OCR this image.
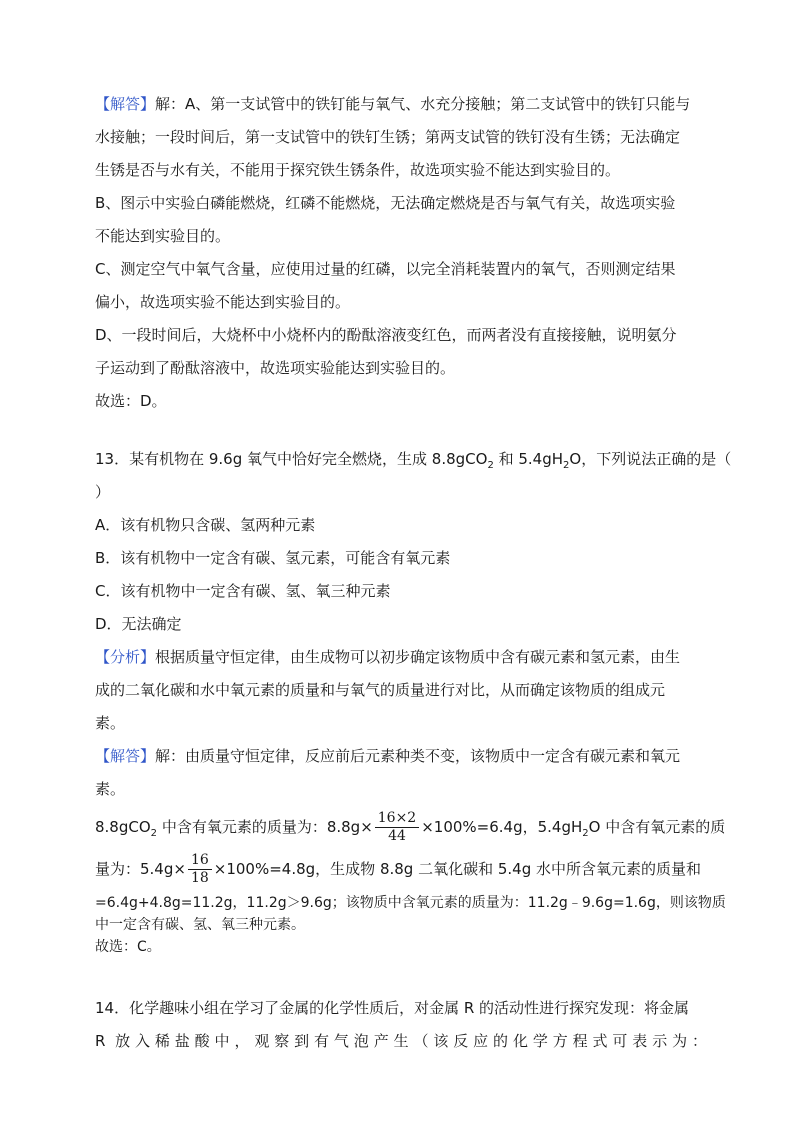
【解答】解：A、第一支试管中的铁钉能与氧气、水充分接触；第二支试管中的铁钉只能与
水接触；一段时间后，第一支试管中的铁钉生锈；第两支试管的铁钉没有生锈；无法确定
生锈是否与水有关，不能用于探究铁生锈条件，故选项实验不能达到实验目的。
B、图示中实验白磷能燃烧，红磷不能燃烧，无法确定燃烧是否与氧气有关，故选项实验
不能达到实验目的。
C、测定空气中氧气含量，应使用过量的红磷，以完全消耗装置内的氧气，否则测定结果
偏小，故选项实验不能达到实验目的。
D、一段时间后，大烧杯中小烧杯内的酚酞溶液变红色，而两者没有直接接触，说明氨分
子运动到了酚酞溶液中，故选项实验能达到实验目的。
故选：D。
13．某有机物在 9.6g 氧气中恰好完全燃烧，生成 8.8gCO$_2$ 和 $5.4gH_2O$，下列说法正确的是（
）
A．该有机物只含碳、氢两种元素
B．该有机物中一定含有碳、氢元素，可能含有氧元素
C．该有机物中一定含有碳、氢、氧三种元素
D．无法确定
【分析】根据质量守恒定律，由生成物可以初步确定该物质中含有碳元素和氢元素，由生
成的二氧化碳和水中氧元素的质量和与氧气的质量进行对比，从而确定该物质的组成元
素。
【解答】解：由质量守恒定律，反应前后元素种类不变，该物质中一定含有碳元素和氧元
素。
8.8gCO$_2$ 中含有氧元素的质量为：$8.8g\times \frac{16\times 2}{44} \times 100\%=6.4g$，$5.4gH_2O$ 中含有氧元素的质
量为：$5.4g\times \frac{16}{18} \times 100\%=4.8g$，生成物 8.8g 二氧化碳和 5.4g 水中所含氧元素的质量和
=6.4g+4.8g=11.2g，11.2g＞9.6g；该物质中含氧元素的质量为：11.2g﹣9.6g=1.6g，则该物质
中一定含有碳、氢、氧三种元素。
故选：C。
14．化学趣味小组在学习了金属的化学性质后，对金属 R 的活动性进行探究发现：将金属
R 放入稀盐酸中，观察到有气泡产生（该反应的化学方程式可表示为：
